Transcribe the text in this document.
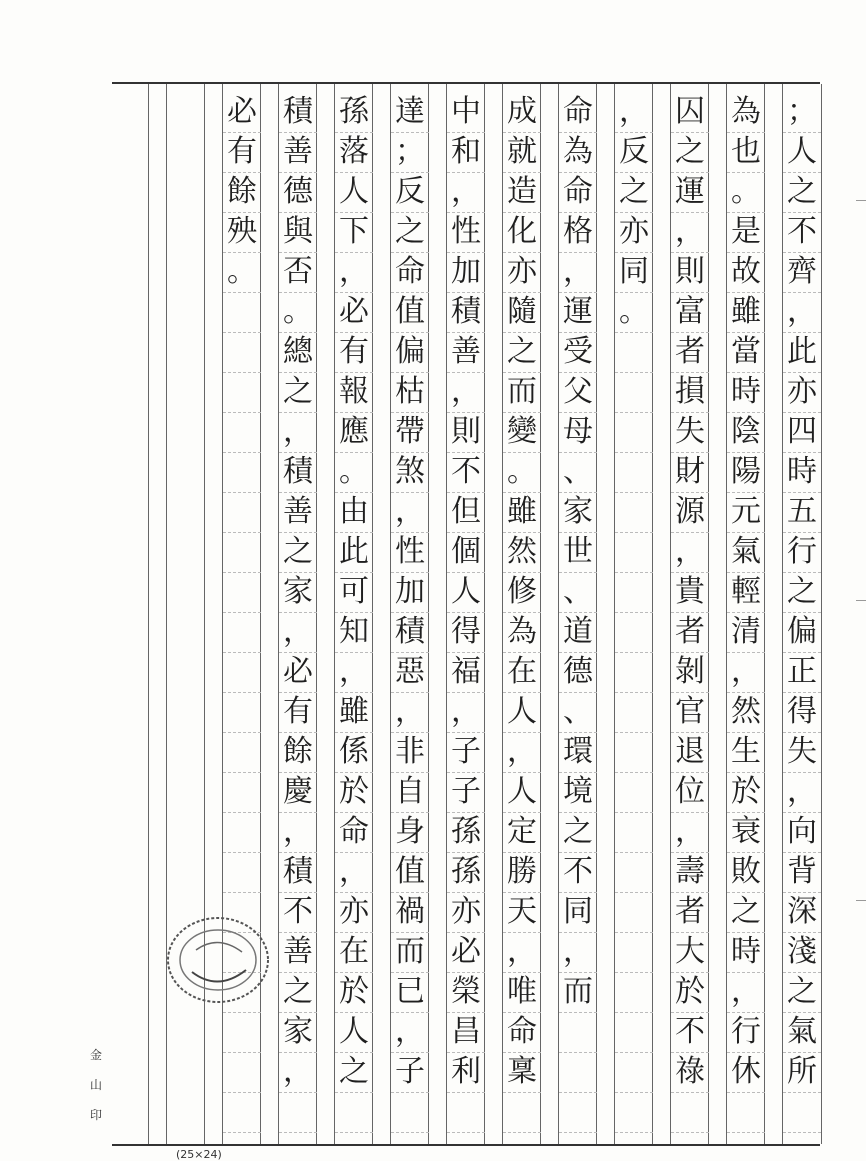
；
人
之
不
齊
，
此
亦
四
時
五
行
之
偏
正
得
失
，
向
背
深
淺
之
氣
所
為
也
。
是
故
雖
當
時
陰
陽
元
氣
輕
清
，
然
生
於
衰
敗
之
時
，
行
休
囚
之
運
，
則
富
者
損
失
財
源
，
貴
者
剝
官
退
位
，
壽
者
大
於
不
祿
，
反
之
亦
同
。
命
為
命
格
，
運
受
父
母
、
家
世
、
道
德
、
環
境
之
不
同
，
而
成
就
造
化
亦
隨
之
而
變
。
雖
然
修
為
在
人
，
人
定
勝
天
，
唯
命
稟
中
和
，
性
加
積
善
，
則
不
但
個
人
得
福
，
子
子
孫
孫
亦
必
榮
昌
利
達
；
反
之
命
值
偏
枯
帶
煞
，
性
加
積
惡
，
非
自
身
值
禍
而
已
，
子
孫
落
人
下
，
必
有
報
應
。
由
此
可
知
，
雖
係
於
命
，
亦
在
於
人
之
積
善
德
與
否
。
總
之
，
積
善
之
家
，
必
有
餘
慶
，
積
不
善
之
家
，
必
有
餘
殃
。
金山印
(25×24)
